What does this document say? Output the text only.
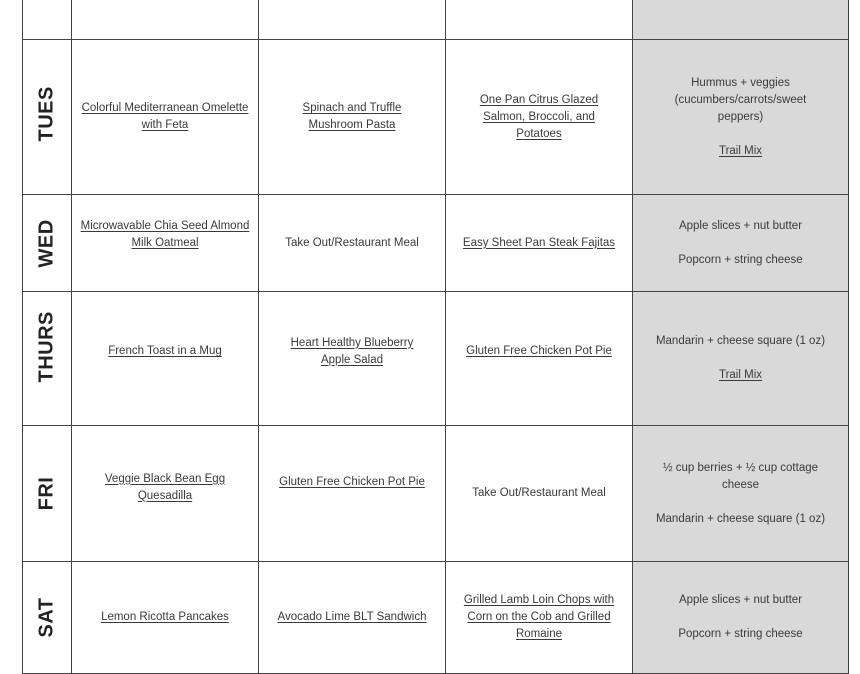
TUES	Colorful Mediterranean Omelette with Feta	Spinach and Truffle Mushroom Pasta	One Pan Citrus Glazed Salmon, Broccoli, and Potatoes	Hummus + veggies (cucumbers/carrots/sweet peppers)
Trail Mix

WED	Microwavable Chia Seed Almond Milk Oatmeal	Take Out/Restaurant Meal	Easy Sheet Pan Steak Fajitas	Apple slices + nut butter
Popcorn + string cheese

THURS	French Toast in a Mug	Heart Healthy Blueberry Apple Salad	Gluten Free Chicken Pot Pie	Mandarin + cheese square (1 oz)
Trail Mix

FRI	Veggie Black Bean Egg Quesadilla	Gluten Free Chicken Pot Pie	Take Out/Restaurant Meal	½ cup berries + ½ cup cottage cheese
Mandarin + cheese square (1 oz)

SAT	Lemon Ricotta Pancakes	Avocado Lime BLT Sandwich	Grilled Lamb Loin Chops with Corn on the Cob and Grilled Romaine	Apple slices + nut butter
Popcorn + string cheese
